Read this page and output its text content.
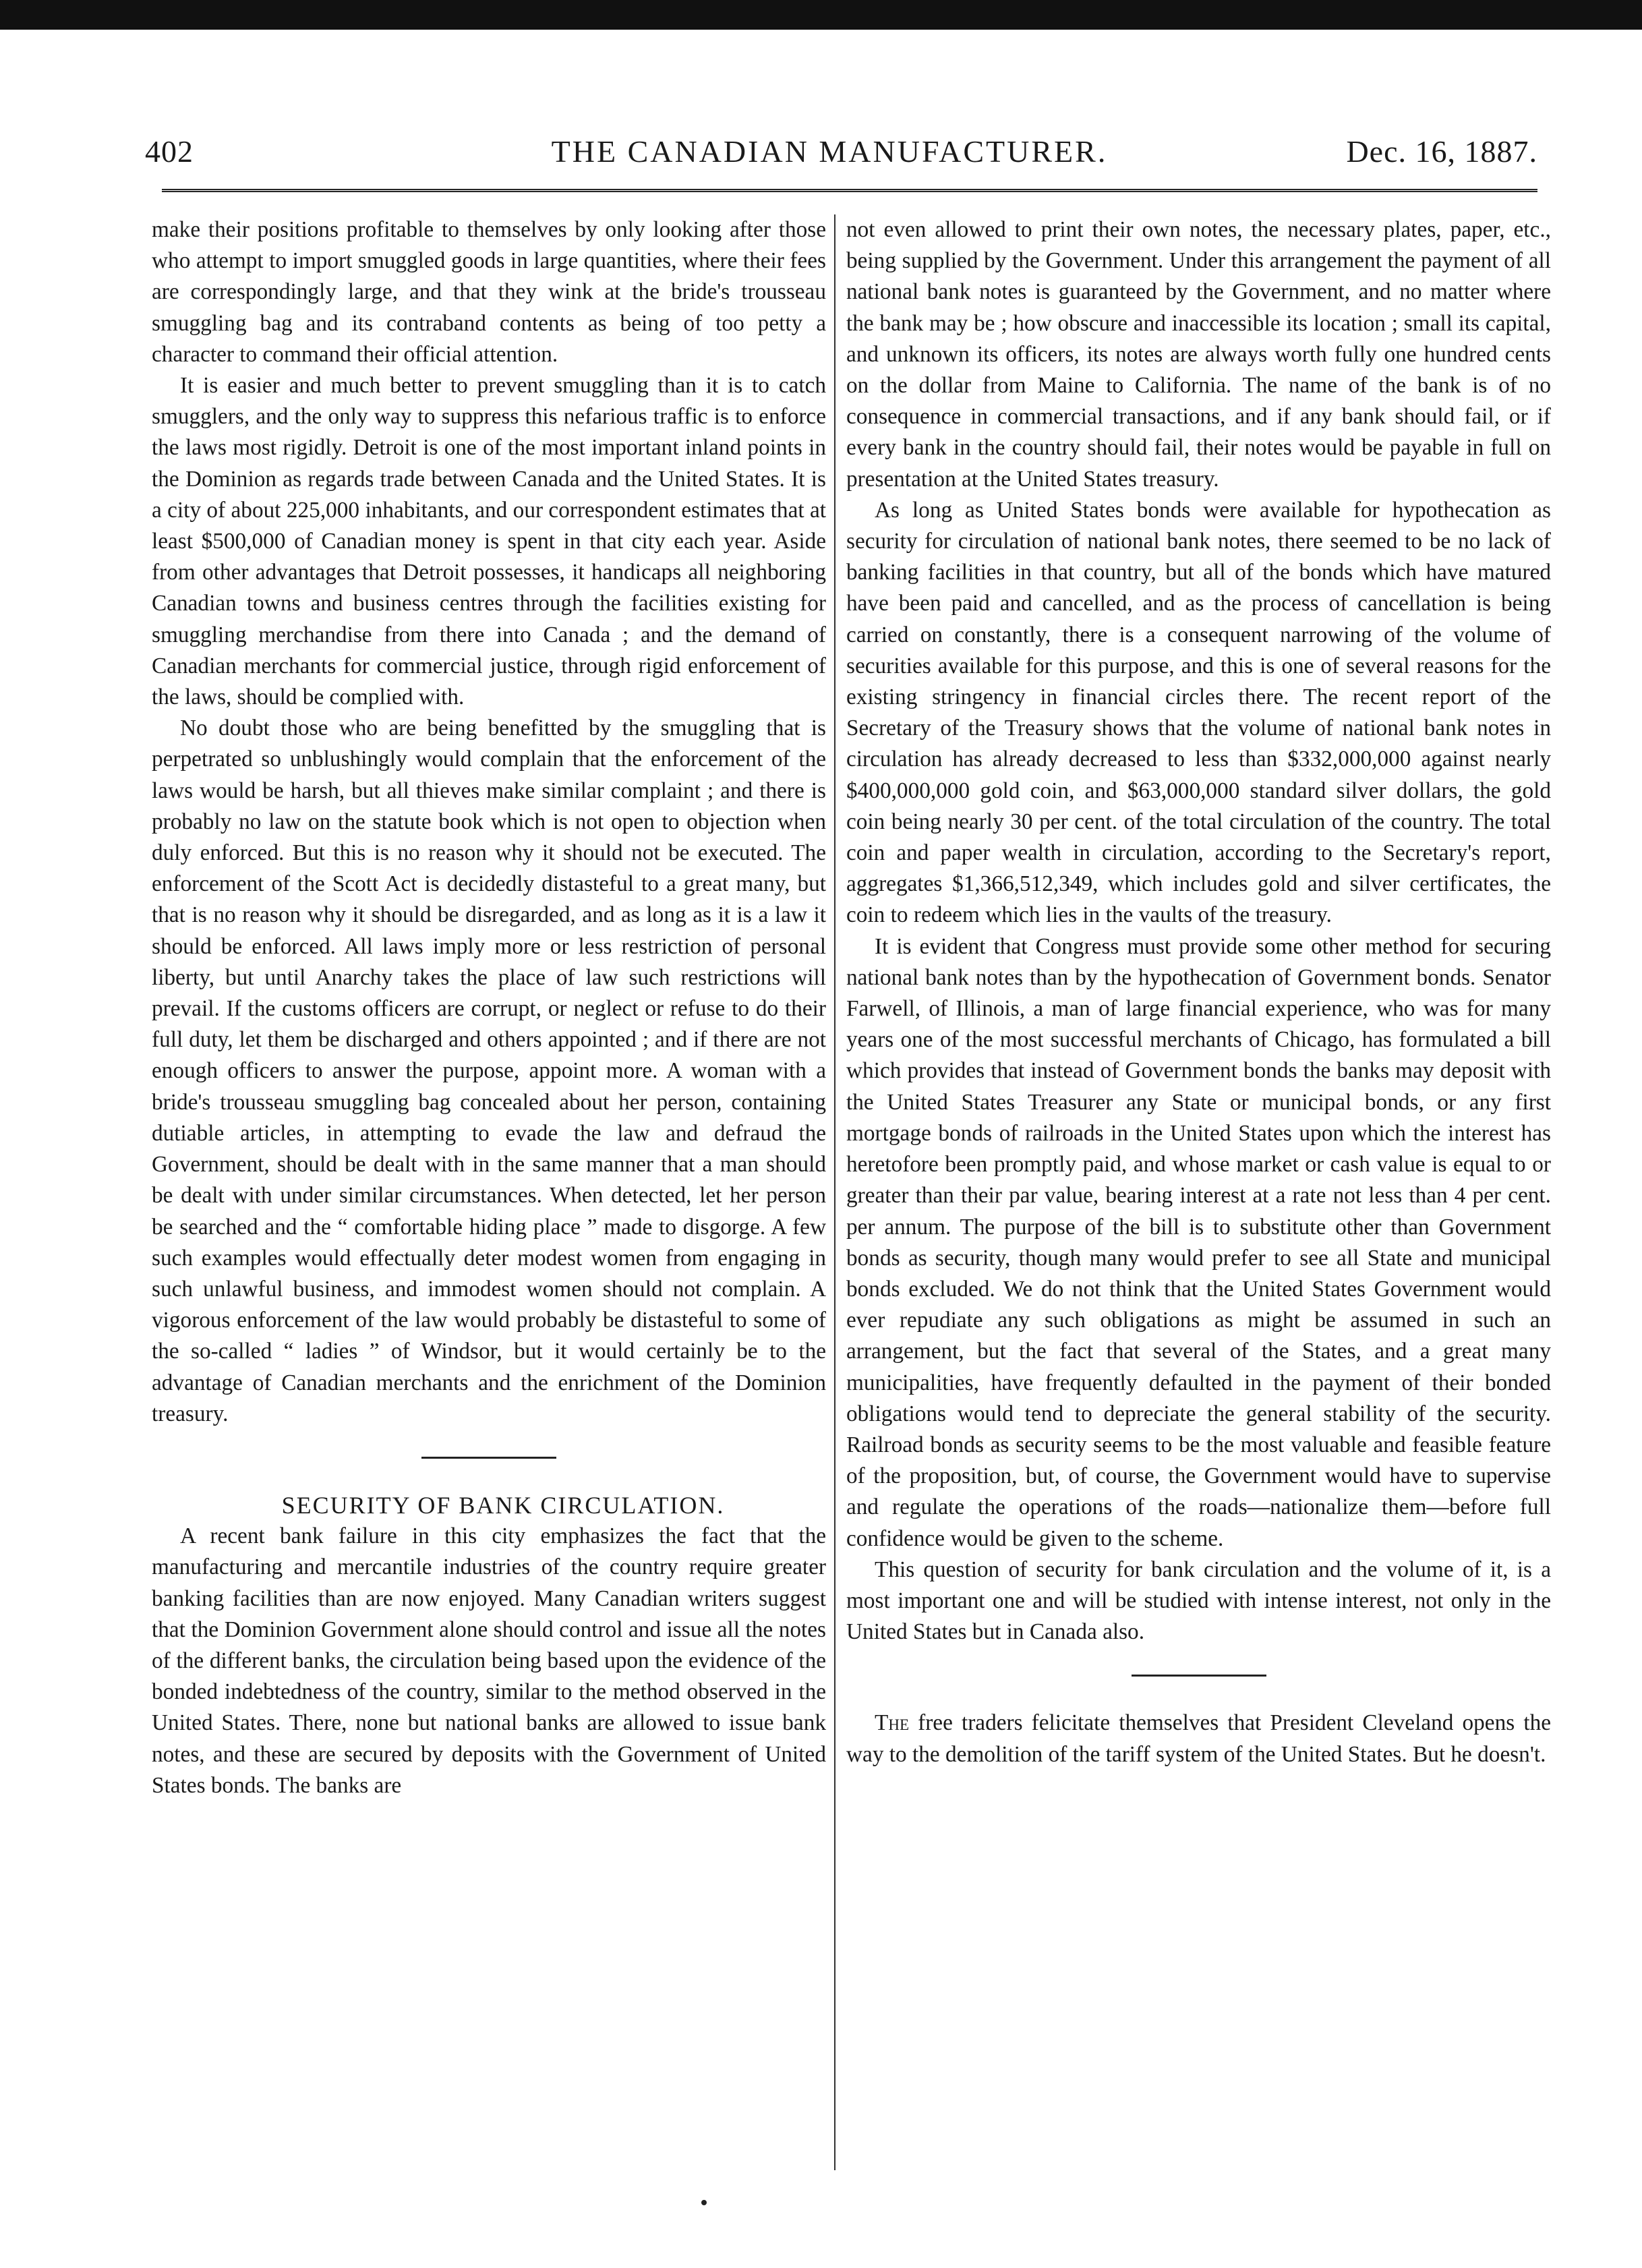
402	THE CANADIAN MANUFACTURER.	Dec. 16, 1887.

make their positions profitable to themselves by only looking after those who attempt to import smuggled goods in large quantities, where their fees are correspondingly large, and that they wink at the bride's trousseau smuggling bag and its contraband contents as being of too petty a character to command their official attention.

It is easier and much better to prevent smuggling than it is to catch smugglers, and the only way to suppress this nefarious traffic is to enforce the laws most rigidly. Detroit is one of the most important inland points in the Dominion as regards trade between Canada and the United States. It is a city of about 225,000 inhabitants, and our correspondent estimates that at least $500,000 of Canadian money is spent in that city each year. Aside from other advantages that Detroit possesses, it handicaps all neighboring Canadian towns and business centres through the facilities existing for smuggling merchandise from there into Canada ; and the demand of Canadian merchants for commercial justice, through rigid enforcement of the laws, should be complied with.

No doubt those who are being benefitted by the smuggling that is perpetrated so unblushingly would complain that the enforcement of the laws would be harsh, but all thieves make similar complaint ; and there is probably no law on the statute book which is not open to objection when duly enforced. But this is no reason why it should not be executed. The enforcement of the Scott Act is decidedly distasteful to a great many, but that is no reason why it should be disregarded, and as long as it is a law it should be enforced. All laws imply more or less restriction of personal liberty, but until Anarchy takes the place of law such restrictions will prevail. If the customs officers are corrupt, or neglect or refuse to do their full duty, let them be discharged and others appointed ; and if there are not enough officers to answer the purpose, appoint more. A woman with a bride's trousseau smuggling bag concealed about her person, containing dutiable articles, in attempting to evade the law and defraud the Government, should be dealt with in the same manner that a man should be dealt with under similar circumstances. When detected, let her person be searched and the “ comfortable hiding place ” made to disgorge. A few such examples would effectually deter modest women from engaging in such unlawful business, and immodest women should not complain. A vigorous enforcement of the law would probably be distasteful to some of the so-called “ ladies ” of Windsor, but it would certainly be to the advantage of Canadian merchants and the enrichment of the Dominion treasury.

SECURITY OF BANK CIRCULATION.

A recent bank failure in this city emphasizes the fact that the manufacturing and mercantile industries of the country require greater banking facilities than are now enjoyed. Many Canadian writers suggest that the Dominion Government alone should control and issue all the notes of the different banks, the circulation being based upon the evidence of the bonded indebtedness of the country, similar to the method observed in the United States. There, none but national banks are allowed to issue bank notes, and these are secured by deposits with the Government of United States bonds. The banks are

not even allowed to print their own notes, the necessary plates, paper, etc., being supplied by the Government. Under this arrangement the payment of all national bank notes is guaranteed by the Government, and no matter where the bank may be ; how obscure and inaccessible its location ; small its capital, and unknown its officers, its notes are always worth fully one hundred cents on the dollar from Maine to California. The name of the bank is of no consequence in commercial transactions, and if any bank should fail, or if every bank in the country should fail, their notes would be payable in full on presentation at the United States treasury.

As long as United States bonds were available for hypothecation as security for circulation of national bank notes, there seemed to be no lack of banking facilities in that country, but all of the bonds which have matured have been paid and cancelled, and as the process of cancellation is being carried on constantly, there is a consequent narrowing of the volume of securities available for this purpose, and this is one of several reasons for the existing stringency in financial circles there. The recent report of the Secretary of the Treasury shows that the volume of national bank notes in circulation has already decreased to less than $332,000,000 against nearly $400,000,000 gold coin, and $63,000,000 standard silver dollars, the gold coin being nearly 30 per cent. of the total circulation of the country. The total coin and paper wealth in circulation, according to the Secretary's report, aggregates $1,366,512,349, which includes gold and silver certificates, the coin to redeem which lies in the vaults of the treasury.

It is evident that Congress must provide some other method for securing national bank notes than by the hypothecation of Government bonds. Senator Farwell, of Illinois, a man of large financial experience, who was for many years one of the most successful merchants of Chicago, has formulated a bill which provides that instead of Government bonds the banks may deposit with the United States Treasurer any State or municipal bonds, or any first mortgage bonds of railroads in the United States upon which the interest has heretofore been promptly paid, and whose market or cash value is equal to or greater than their par value, bearing interest at a rate not less than 4 per cent. per annum. The purpose of the bill is to substitute other than Government bonds as security, though many would prefer to see all State and municipal bonds excluded. We do not think that the United States Government would ever repudiate any such obligations as might be assumed in such an arrangement, but the fact that several of the States, and a great many municipalities, have frequently defaulted in the payment of their bonded obligations would tend to depreciate the general stability of the security. Railroad bonds as security seems to be the most valuable and feasible feature of the proposition, but, of course, the Government would have to supervise and regulate the operations of the roads—nationalize them—before full confidence would be given to the scheme.

This question of security for bank circulation and the volume of it, is a most important one and will be studied with intense interest, not only in the United States but in Canada also.

The free traders felicitate themselves that President Cleveland opens the way to the demolition of the tariff system of the United States. But he doesn't.
